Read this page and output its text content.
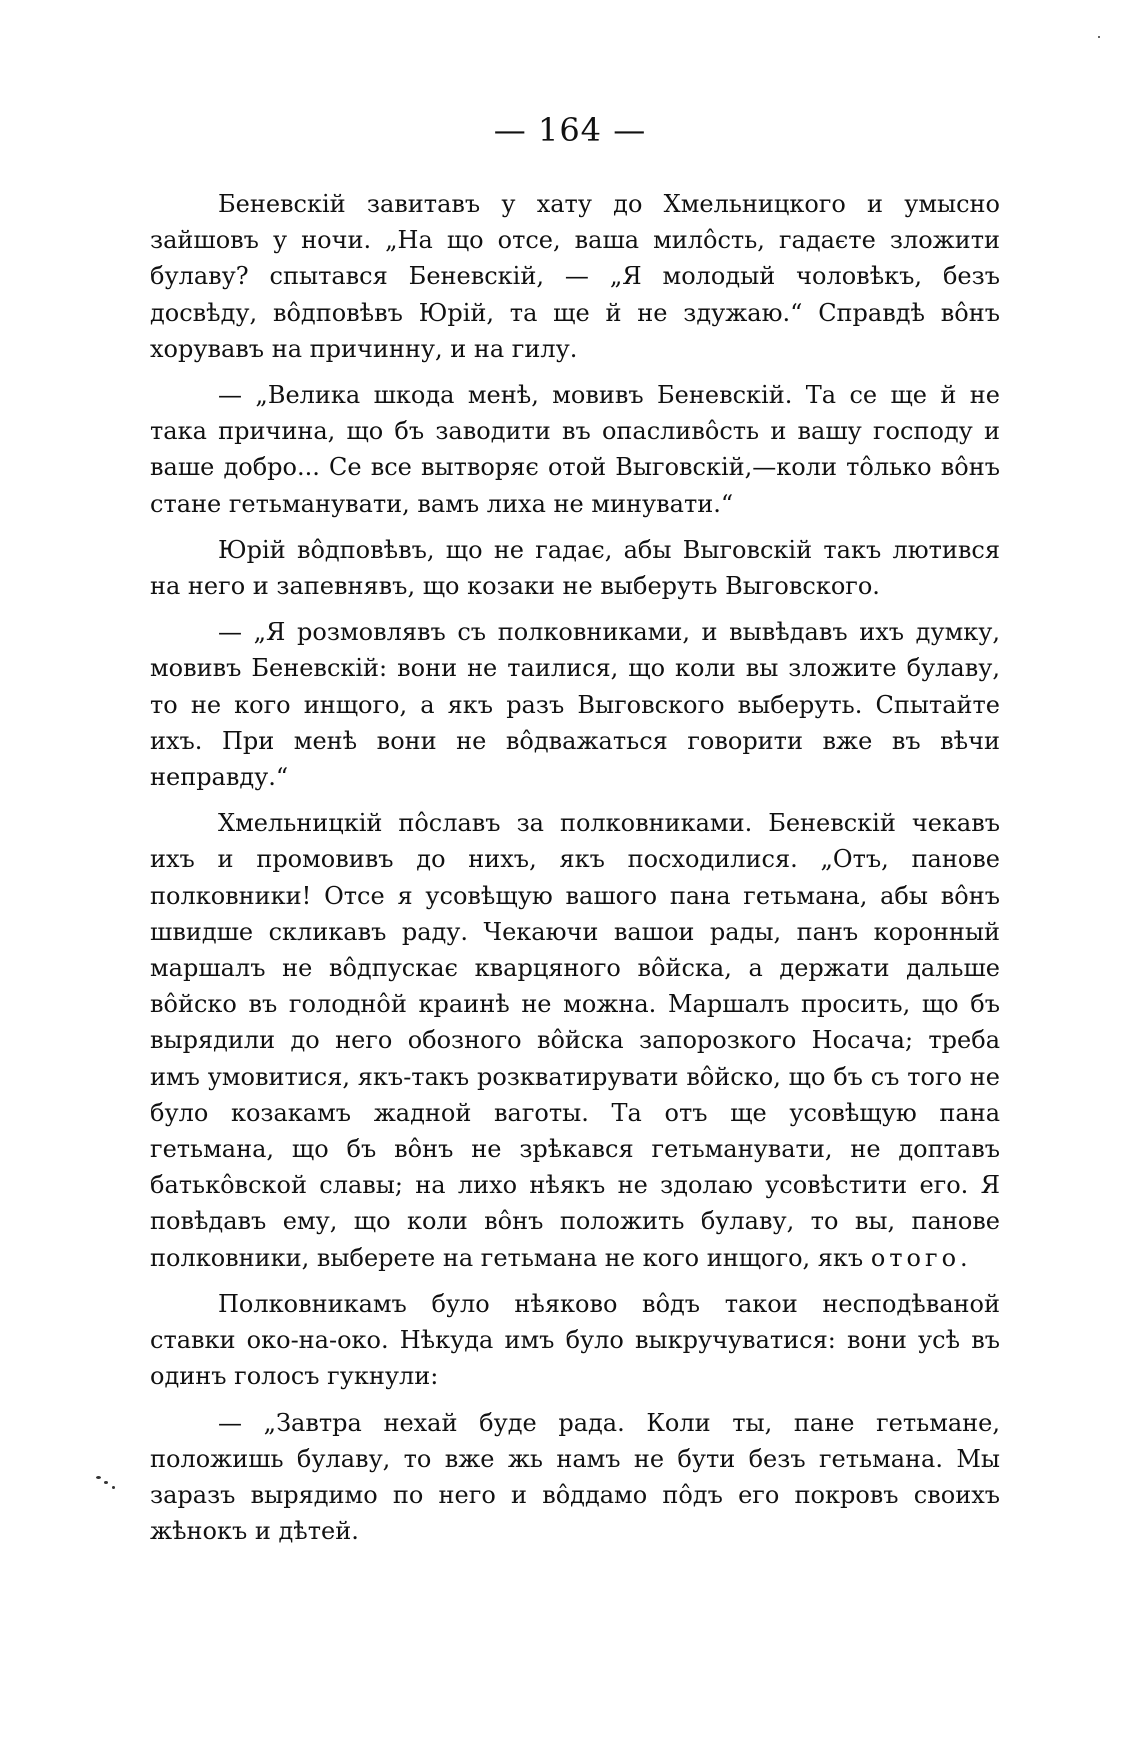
— 164 —

Беневскій завитавъ у хату до Хмельницкого и умысно зайшовъ у ночи. „На що отсе, ваша милôсть, гадаєте зложити булаву? спытався Беневскій, — „Я молодый чоловѣкъ, безъ досвѣду, вôдповѣвъ Юрій, та ще й не здужаю.“ Справдѣ вôнъ хорувавъ на причинну, и на гилу.

— „Велика шкода менѣ, мовивъ Беневскій. Та се ще й не така причина, що бъ заводити въ опасливôсть и вашу господу и ваше добро... Се все вытворяє отой Выговскій,—коли тôлько вôнъ стане гетьманувати, вамъ лиха не минувати.“

Юрій вôдповѣвъ, що не гадає, абы Выговскій такъ лютився на него и запевнявъ, що козаки не выберуть Выговского.

— „Я розмовлявъ съ полковниками, и вывѣдавъ ихъ думку, мовивъ Беневскій: вони не таилися, що коли вы зложите булаву, то не кого инщого, а якъ разъ Выговского выберуть. Спытайте ихъ. При менѣ вони не вôдважаться говорити вже въ вѣчи неправду.“

Хмельницкій пôславъ за полковниками. Беневскій чекавъ ихъ и промовивъ до нихъ, якъ посходилися. „Отъ, панове полковники! Отсе я усовѣщую вашого пана гетьмана, абы вôнъ швидше скликавъ раду. Чекаючи вашои рады, панъ коронный маршалъ не вôдпускає кварцяного вôйска, а держати дальше вôйско въ голоднôй краинѣ не можна. Маршалъ просить, що бъ вырядили до него обозного вôйска запорозкого Носача; треба имъ умовитися, якъ-такъ розкватирувати вôйско, що бъ съ того не було козакамъ жадной ваготы. Та отъ ще усовѣщую пана гетьмана, що бъ вôнъ не зрѣкався гетьманувати, не доптавъ батькôвской славы; на лихо нѣякъ не здолаю усовѣстити его. Я повѣдавъ ему, що коли вôнъ положить булаву, то вы, панове полковники, выберете на гетьмана не кого инщого, якъ отого.

Полковникамъ було нѣяково вôдъ такои несподѣваной ставки око-на-око. Нѣкуда имъ було выкручуватися: вони усѣ въ одинъ голосъ гукнули:

— „Завтра нехай буде рада. Коли ты, пане гетьмане, положишь булаву, то вже жь намъ не бути безъ гетьмана. Мы заразъ вырядимо по него и вôддамо пôдъ его покровъ своихъ жѣнокъ и дѣтей.
